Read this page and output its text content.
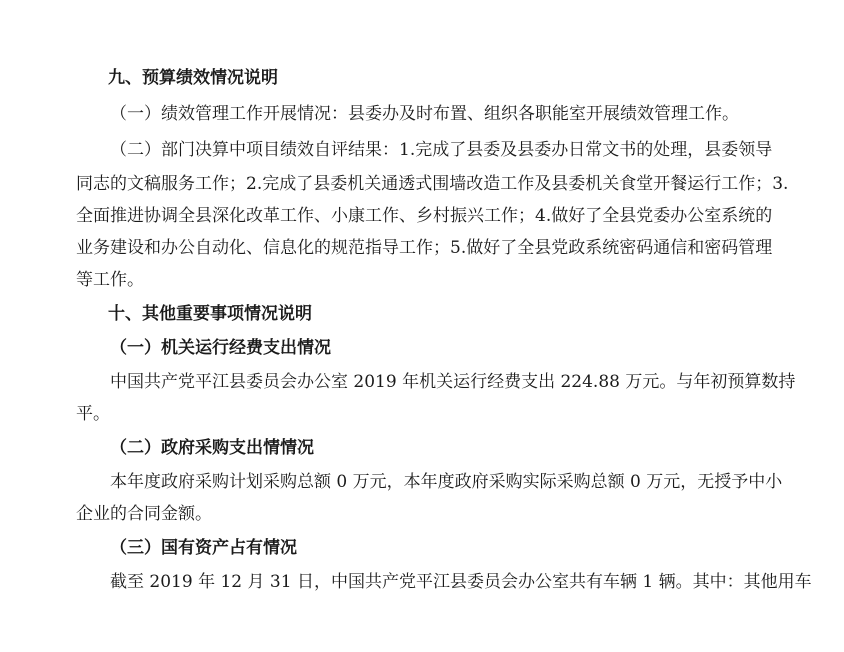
九、预算绩效情况说明
（一）绩效管理工作开展情况：县委办及时布置、组织各职能室开展绩效管理工作。
（二）部门决算中项目绩效自评结果：1.完成了县委及县委办日常文书的处理，县委领导
同志的文稿服务工作；2.完成了县委机关通透式围墙改造工作及县委机关食堂开餐运行工作；3.
全面推进协调全县深化改革工作、小康工作、乡村振兴工作；4.做好了全县党委办公室系统的
业务建设和办公自动化、信息化的规范指导工作；5.做好了全县党政系统密码通信和密码管理
等工作。
十、其他重要事项情况说明
（一）机关运行经费支出情况
中国共产党平江县委员会办公室 2019 年机关运行经费支出 224.88 万元。与年初预算数持
平。
（二）政府采购支出情情况
本年度政府采购计划采购总额 0 万元，本年度政府采购实际采购总额 0 万元，无授予中小
企业的合同金额。
（三）国有资产占有情况
截至 2019 年 12 月 31 日，中国共产党平江县委员会办公室共有车辆 1 辆。其中：其他用车
